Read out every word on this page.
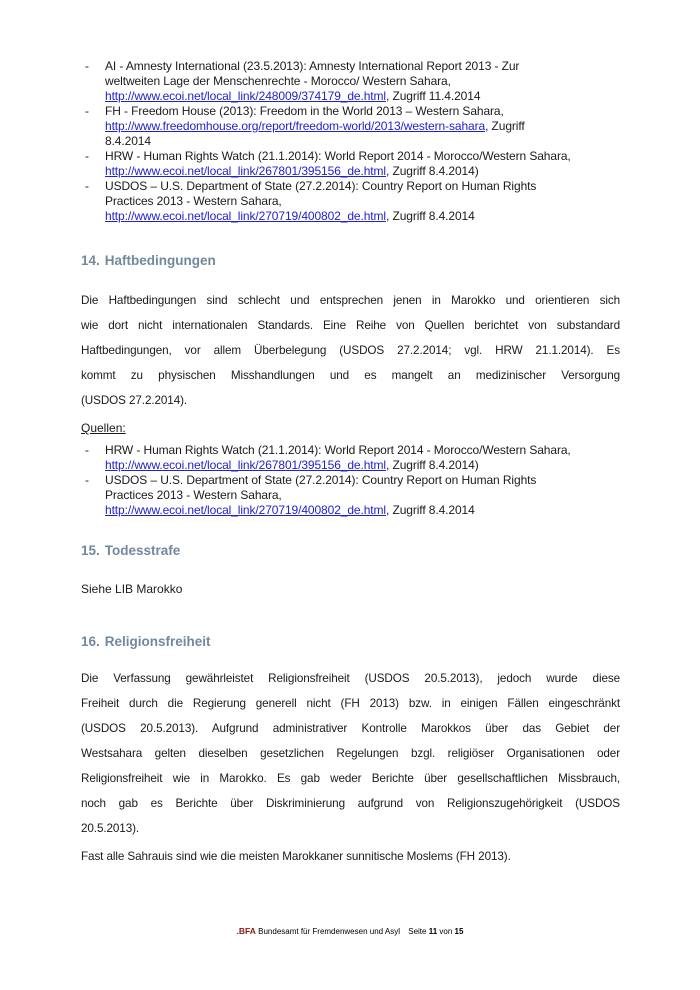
- AI - Amnesty International (23.5.2013): Amnesty International Report 2013 - Zur
weltweiten Lage der Menschenrechte - Morocco/ Western Sahara,
http://www.ecoi.net/local_link/248009/374179_de.html, Zugriff 11.4.2014
- FH - Freedom House (2013): Freedom in the World 2013 – Western Sahara,
http://www.freedomhouse.org/report/freedom-world/2013/western-sahara, Zugriff
8.4.2014
- HRW - Human Rights Watch (21.1.2014): World Report 2014 - Morocco/Western Sahara,
http://www.ecoi.net/local_link/267801/395156_de.html, Zugriff 8.4.2014)
- USDOS – U.S. Department of State (27.2.2014): Country Report on Human Rights
Practices 2013 - Western Sahara,
http://www.ecoi.net/local_link/270719/400802_de.html, Zugriff 8.4.2014
14. Haftbedingungen
Die Haftbedingungen sind schlecht und entsprechen jenen in Marokko und orientieren sich
wie dort nicht internationalen Standards. Eine Reihe von Quellen berichtet von substandard
Haftbedingungen, vor allem Überbelegung (USDOS 27.2.2014; vgl. HRW 21.1.2014). Es
kommt zu physischen Misshandlungen und es mangelt an medizinischer Versorgung
(USDOS 27.2.2014).
Quellen:
- HRW - Human Rights Watch (21.1.2014): World Report 2014 - Morocco/Western Sahara,
http://www.ecoi.net/local_link/267801/395156_de.html, Zugriff 8.4.2014)
- USDOS – U.S. Department of State (27.2.2014): Country Report on Human Rights
Practices 2013 - Western Sahara,
http://www.ecoi.net/local_link/270719/400802_de.html, Zugriff 8.4.2014
15. Todesstrafe
Siehe LIB Marokko
16. Religionsfreiheit
Die Verfassung gewährleistet Religionsfreiheit (USDOS 20.5.2013), jedoch wurde diese
Freiheit durch die Regierung generell nicht (FH 2013) bzw. in einigen Fällen eingeschränkt
(USDOS 20.5.2013). Aufgrund administrativer Kontrolle Marokkos über das Gebiet der
Westsahara gelten dieselben gesetzlichen Regelungen bzgl. religiöser Organisationen oder
Religionsfreiheit wie in Marokko. Es gab weder Berichte über gesellschaftlichen Missbrauch,
noch gab es Berichte über Diskriminierung aufgrund von Religionszugehörigkeit (USDOS
20.5.2013).
Fast alle Sahrauis sind wie die meisten Marokkaner sunnitische Moslems (FH 2013).
.BFA Bundesamt für Fremdenwesen und Asyl Seite 11 von 15
